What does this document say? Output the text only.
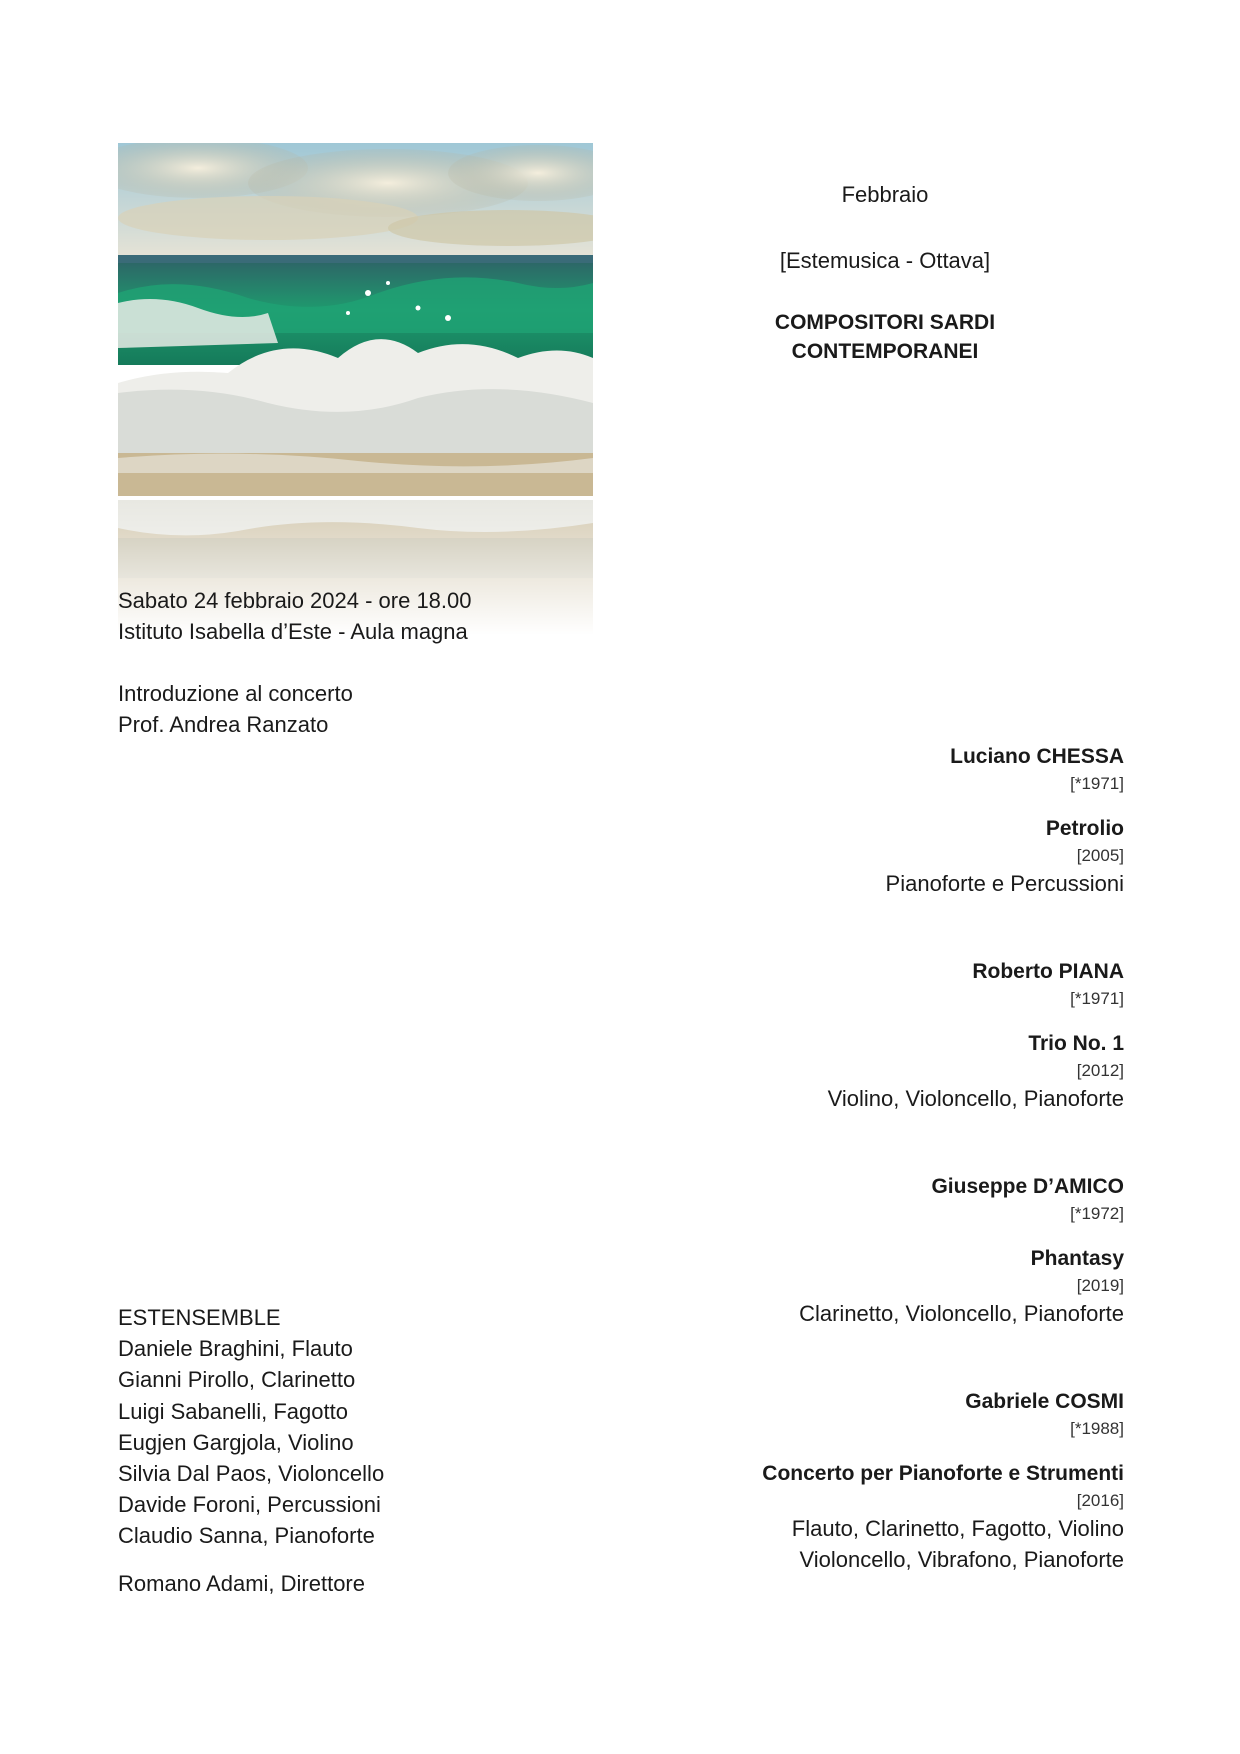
Febbraio
[Estemusica - Ottava]
COMPOSITORI SARDI
CONTEMPORANEI
Sabato 24 febbraio 2024 - ore 18.00
Istituto Isabella d’Este - Aula magna
Introduzione al concerto
Prof. Andrea Ranzato
Luciano CHESSA
[*1971]
Petrolio
[2005]
Pianoforte e Percussioni
Roberto PIANA
[*1971]
Trio No. 1
[2012]
Violino, Violoncello, Pianoforte
Giuseppe D’AMICO
[*1972]
Phantasy
[2019]
Clarinetto, Violoncello, Pianoforte
Gabriele COSMI
[*1988]
Concerto per Pianoforte e Strumenti
[2016]
Flauto, Clarinetto, Fagotto, Violino
Violoncello, Vibrafono, Pianoforte
ESTENSEMBLE
Daniele Braghini, Flauto
Gianni Pirollo, Clarinetto
Luigi Sabanelli, Fagotto
Eugjen Gargjola, Violino
Silvia Dal Paos, Violoncello
Davide Foroni, Percussioni
Claudio Sanna, Pianoforte
Romano Adami, Direttore
